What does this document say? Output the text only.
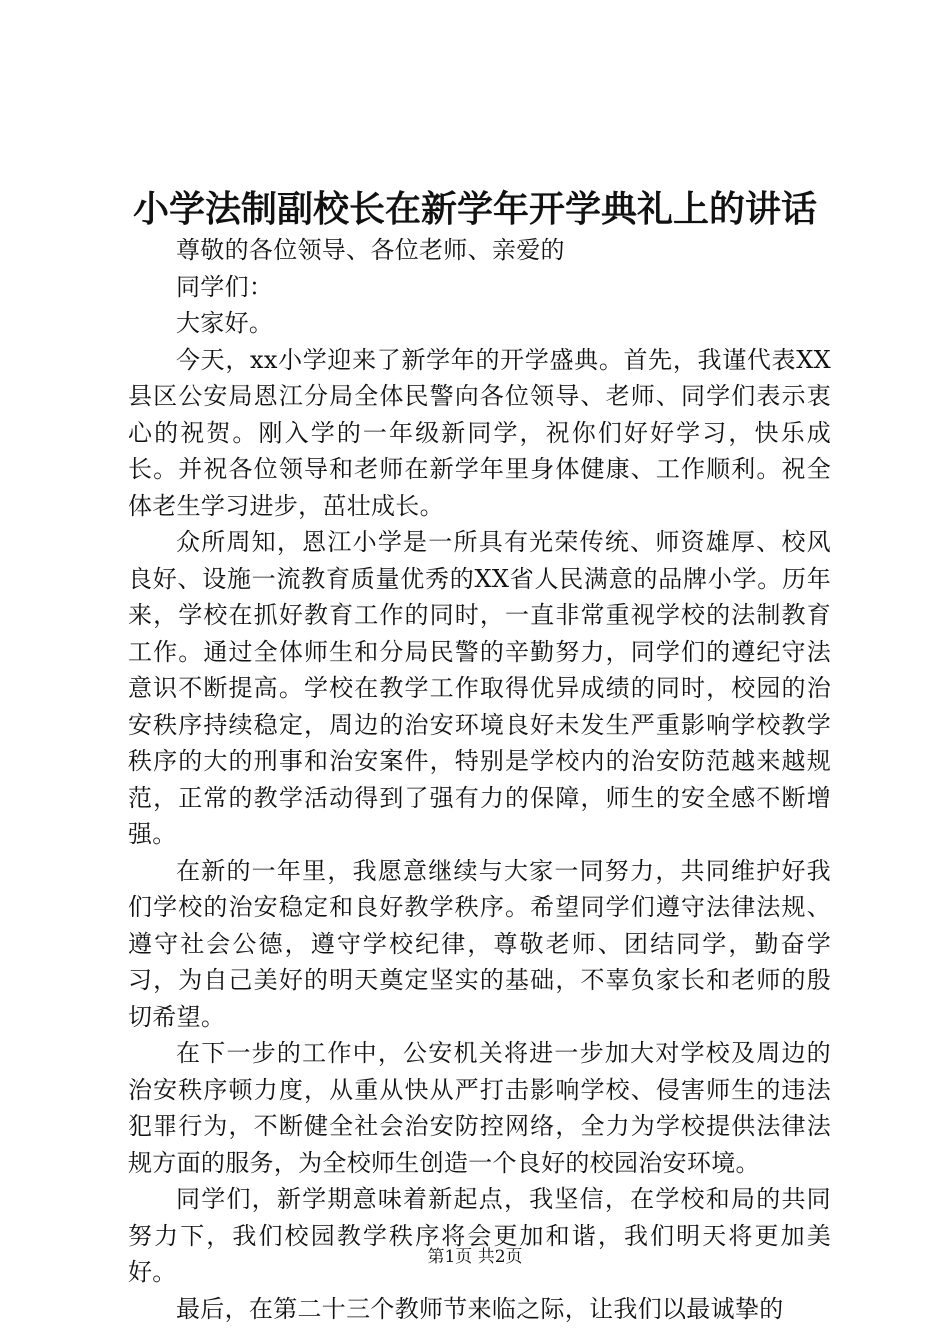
小学法制副校长在新学年开学典礼上的讲话

尊敬的各位领导、各位老师、亲爱的

同学们：

大家好。

今天，xx小学迎来了新学年的开学盛典。首先，我谨代表XX县区公安局恩江分局全体民警向各位领导、老师、同学们表示衷心的祝贺。刚入学的一年级新同学，祝你们好好学习，快乐成长。并祝各位领导和老师在新学年里身体健康、工作顺利。祝全体老生学习进步，茁壮成长。

众所周知，恩江小学是一所具有光荣传统、师资雄厚、校风良好、设施一流教育质量优秀的XX省人民满意的品牌小学。历年来，学校在抓好教育工作的同时，一直非常重视学校的法制教育工作。通过全体师生和分局民警的辛勤努力，同学们的遵纪守法意识不断提高。学校在教学工作取得优异成绩的同时，校园的治安秩序持续稳定，周边的治安环境良好未发生严重影响学校教学秩序的大的刑事和治安案件，特别是学校内的治安防范越来越规范，正常的教学活动得到了强有力的保障，师生的安全感不断增强。

在新的一年里，我愿意继续与大家一同努力，共同维护好我们学校的治安稳定和良好教学秩序。希望同学们遵守法律法规、遵守社会公德，遵守学校纪律，尊敬老师、团结同学，勤奋学习，为自己美好的明天奠定坚实的基础，不辜负家长和老师的殷切希望。

在下一步的工作中，公安机关将进一步加大对学校及周边的治安秩序顿力度，从重从快从严打击影响学校、侵害师生的违法犯罪行为，不断健全社会治安防控网络，全力为学校提供法律法规方面的服务，为全校师生创造一个良好的校园治安环境。

同学们，新学期意味着新起点，我坚信，在学校和局的共同努力下，我们校园教学秩序将会更加和谐，我们明天将更加美好。

最后，在第二十三个教师节来临之际，让我们以最诚挚的

第1页 共2页
